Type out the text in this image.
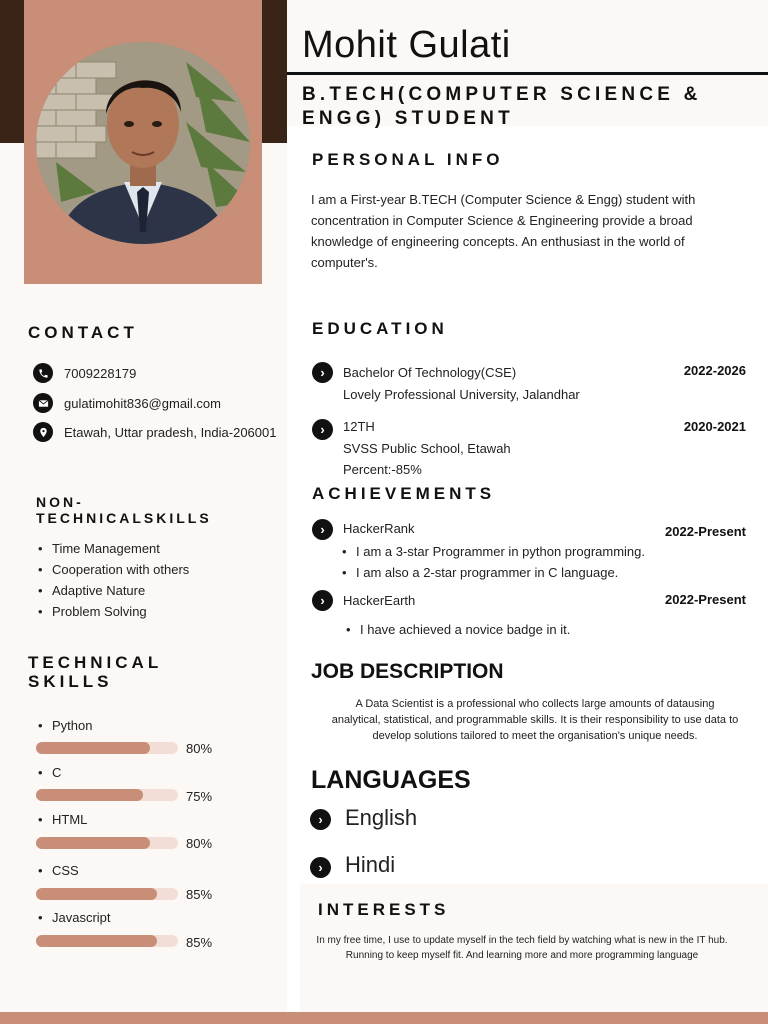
Mohit Gulati
B.TECH(COMPUTER SCIENCE & ENGG) STUDENT
PERSONAL INFO
I am a First-year B.TECH (Computer Science & Engg) student with concentration in Computer Science & Engineering provide a broad knowledge of engineering concepts. An enthusiast in the world of computer's.
CONTACT
7009228179
gulatimohit836@gmail.com
Etawah, Uttar pradesh, India-206001
NON-
TECHNICALSKILLS
• Time Management
• Cooperation with others
• Adaptive Nature
• Problem Solving
TECHNICAL
SKILLS
• Python
80%
• C
75%
• HTML
80%
• CSS
85%
• Javascript
85%
EDUCATION
›	Bachelor Of Technology(CSE)
Lovely Professional University, Jalandhar
2022-2026
›	12TH
SVSS Public School, Etawah
Percent:-85%
2020-2021
ACHIEVEMENTS
›	HackerRank	2022-Present
• I am a 3-star Programmer in python programming.
• I am also a 2-star programmer in C language.
›	HackerEarth	2022-Present
• I have achieved a novice badge in it.
JOB DESCRIPTION
A Data Scientist is a professional who collects large amounts of datausing analytical, statistical, and programmable skills. It is their responsibility to use data to develop solutions tailored to meet the organisation's unique needs.
LANGUAGES
›	English
›	Hindi
INTERESTS
In my free time, I use to update myself in the tech field by watching what is new in the IT hub. Running to keep myself fit. And learning more and more programming language
